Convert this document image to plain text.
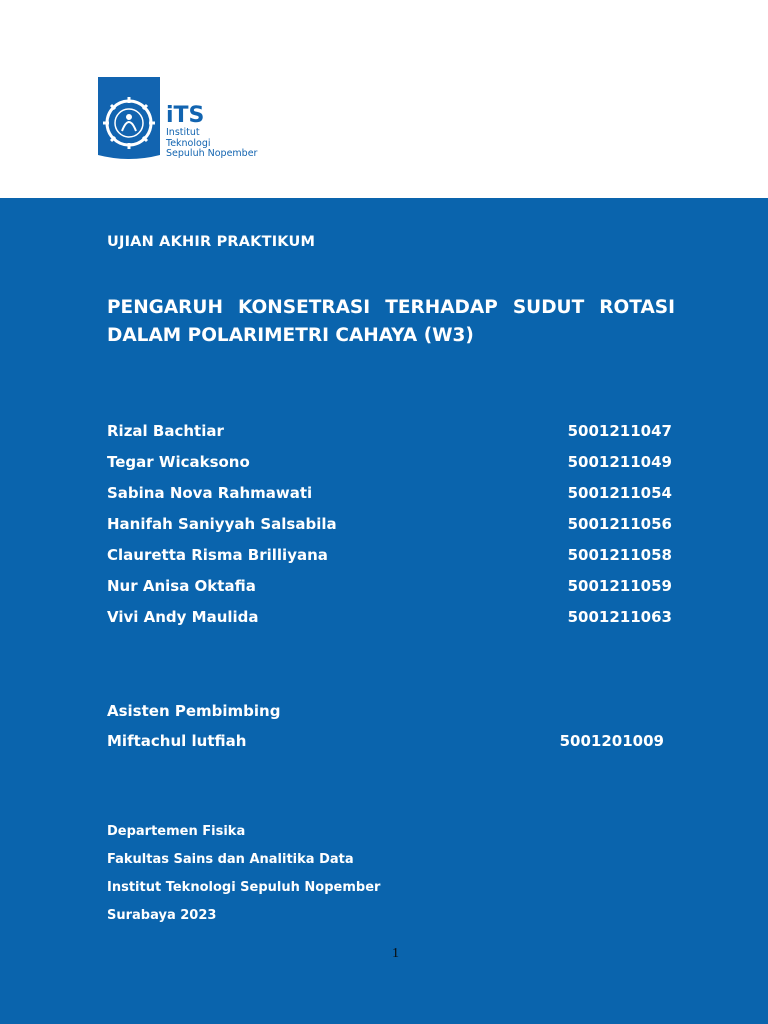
iTS
Institut
Teknologi
Sepuluh Nopember
UJIAN AKHIR PRAKTIKUM
PENGARUH KONSETRASI TERHADAP SUDUT ROTASI
DALAM POLARIMETRI CAHAYA (W3)
Rizal Bachtiar	5001211047
Tegar Wicaksono	5001211049
Sabina Nova Rahmawati	5001211054
Hanifah Saniyyah Salsabila	5001211056
Clauretta Risma Brilliyana	5001211058
Nur Anisa Oktafia	5001211059
Vivi Andy Maulida	5001211063
Asisten Pembimbing
Miftachul lutfiah	5001201009
Departemen Fisika
Fakultas Sains dan Analitika Data
Institut Teknologi Sepuluh Nopember
Surabaya 2023
1
